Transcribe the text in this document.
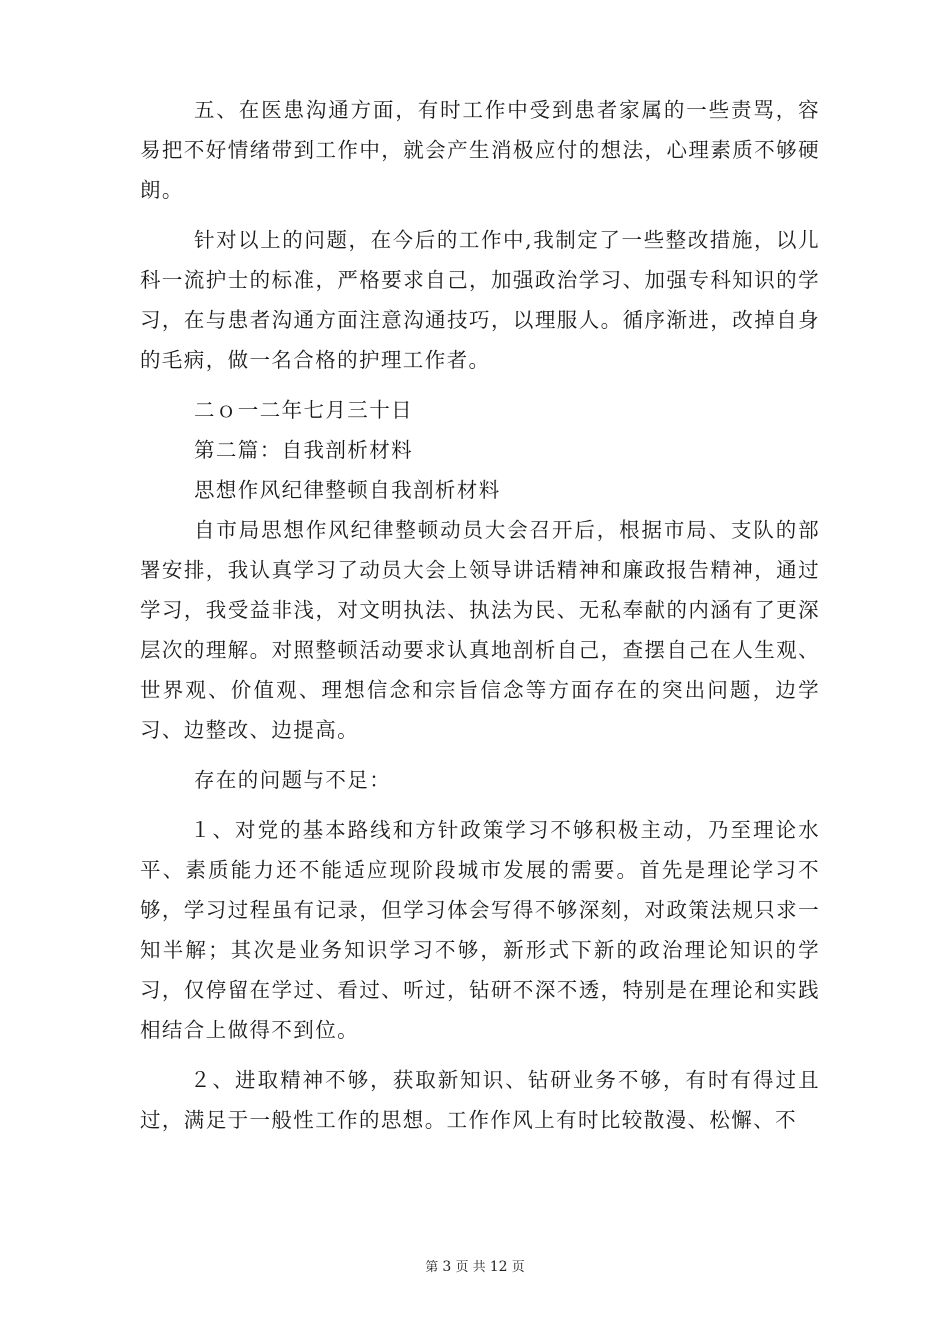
五、在医患沟通方面，有时工作中受到患者家属的一些责骂，容易把不好情绪带到工作中，就会产生消极应付的想法，心理素质不够硬朗。

针对以上的问题，在今后的工作中,我制定了一些整改措施，以儿科一流护士的标准，严格要求自己，加强政治学习、加强专科知识的学习，在与患者沟通方面注意沟通技巧，以理服人。循序渐进，改掉自身的毛病，做一名合格的护理工作者。

二ｏ一二年七月三十日

第二篇：自我剖析材料

思想作风纪律整顿自我剖析材料

自市局思想作风纪律整顿动员大会召开后，根据市局、支队的部署安排，我认真学习了动员大会上领导讲话精神和廉政报告精神，通过学习，我受益非浅，对文明执法、执法为民、无私奉献的内涵有了更深层次的理解。对照整顿活动要求认真地剖析自己，查摆自己在人生观、世界观、价值观、理想信念和宗旨信念等方面存在的突出问题，边学习、边整改、边提高。

存在的问题与不足：

１、对党的基本路线和方针政策学习不够积极主动，乃至理论水平、素质能力还不能适应现阶段城市发展的需要。首先是理论学习不够，学习过程虽有记录，但学习体会写得不够深刻，对政策法规只求一知半解；其次是业务知识学习不够，新形式下新的政治理论知识的学习，仅停留在学过、看过、听过，钻研不深不透，特别是在理论和实践相结合上做得不到位。

２、进取精神不够，获取新知识、钻研业务不够，有时有得过且过，满足于一般性工作的思想。工作作风上有时比较散漫、松懈、不

第 3 页 共 12 页
